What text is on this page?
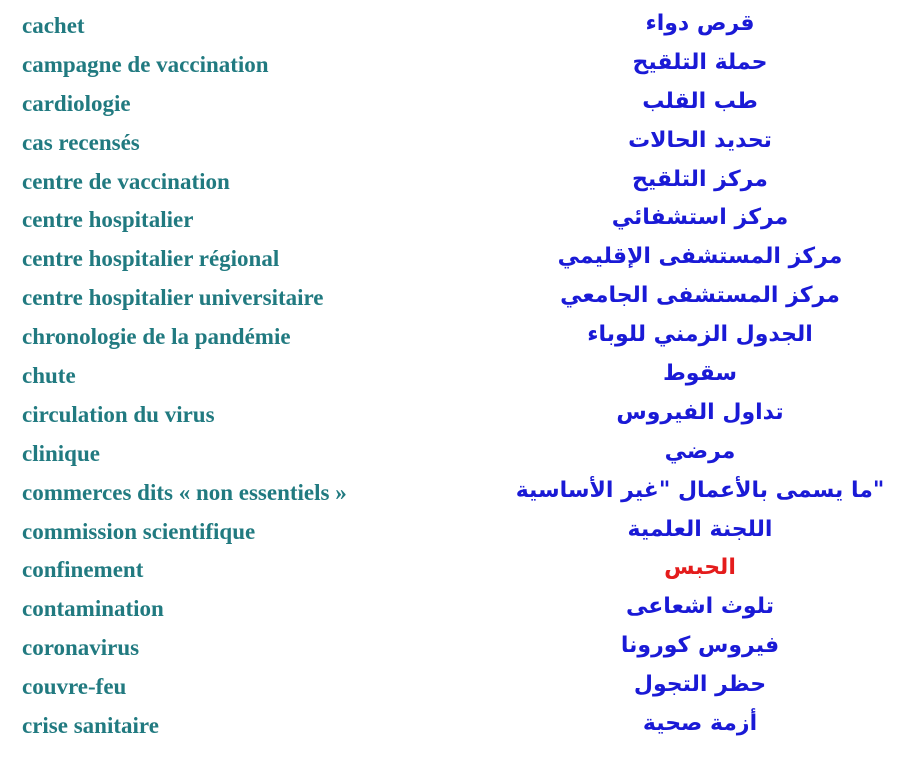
cachet	قرص دواء
campagne de vaccination	حملة التلقيح
cardiologie	طب القلب
cas recensés	تحديد الحالات
centre de vaccination	مركز التلقيح
centre hospitalier	مركز استشفائي
centre hospitalier régional	مركز المستشفى الإقليمي
centre hospitalier universitaire	مركز المستشفى الجامعي
chronologie de la pandémie	الجدول الزمني للوباء
chute	سقوط
circulation du virus	تداول الفيروس
clinique	مرضي
commerces dits « non essentiels »	"ما يسمى بالأعمال "غير الأساسية
commission scientifique	اللجنة العلمية
confinement	الحبس
contamination	تلوث اشعاعى
coronavirus	فيروس كورونا
couvre-feu	حظر التجول
crise sanitaire	أزمة صحية
